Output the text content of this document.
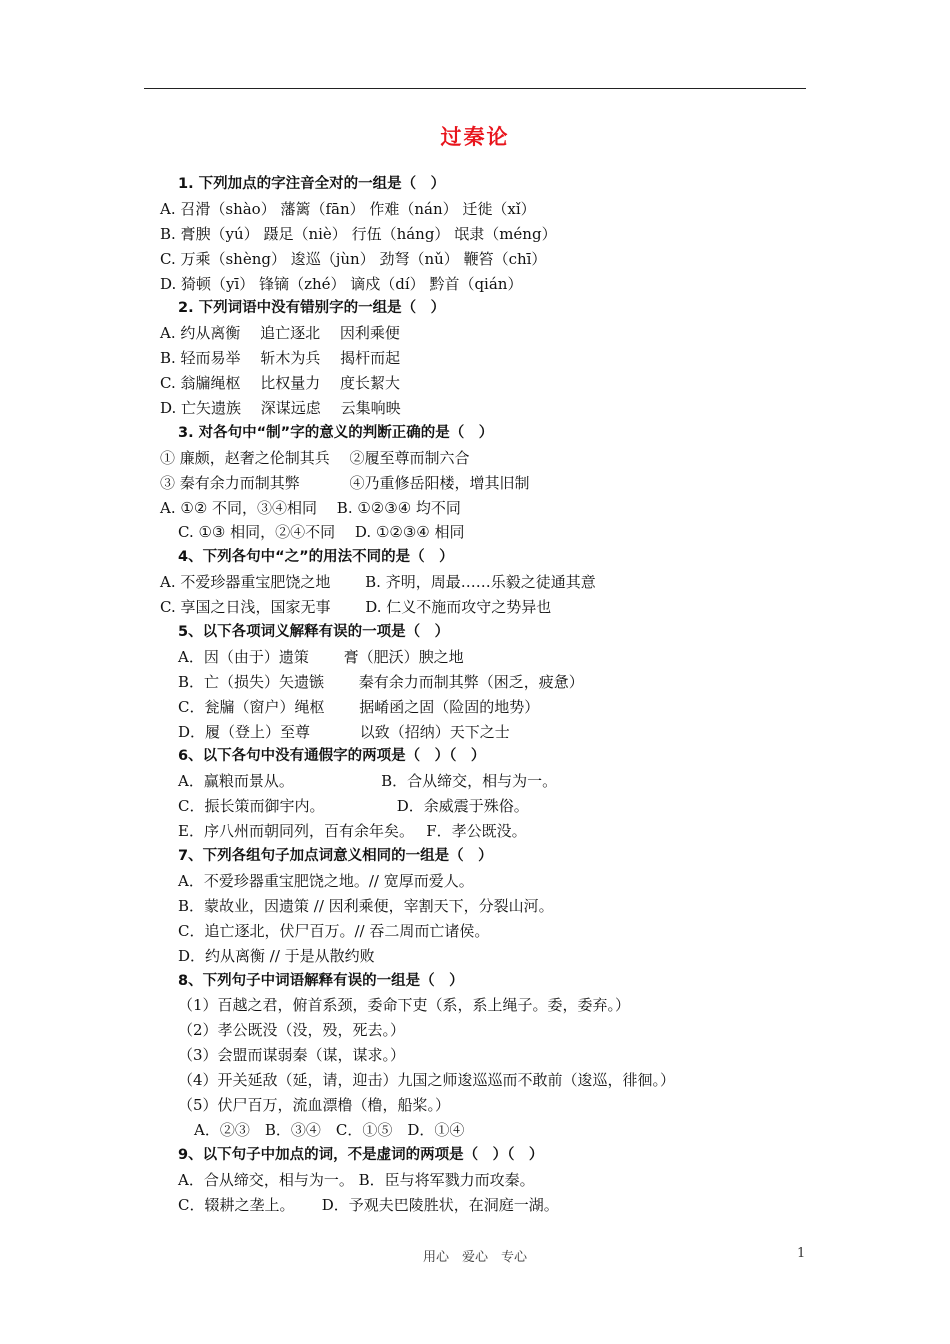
过秦论
1. 下列加点的字注音全对的一组是（　）
A. 召滑（shào） 藩篱（fān） 作难（nán） 迁徙（xǐ）
B. 膏腴（yú） 蹑足（niè） 行伍（háng） 氓隶（méng）
C. 万乘（shèng） 逡巡（jùn） 劲弩（nǔ） 鞭笞（chī）
D. 猗顿（yī） 锋镝（zhé） 谪戍（dí） 黔首（qián）
2. 下列词语中没有错别字的一组是（　）
A. 约从离衡　 追亡逐北　 因利乘便
B. 轻而易举　 斩木为兵　 揭杆而起
C. 翁牖绳枢　 比权量力　 度长絜大
D. 亡矢遗族　 深谋远虑　 云集响映
3. 对各句中“制”字的意义的判断正确的是（　）
① 廉颇，赵奢之伦制其兵　 ②履至尊而制六合
③ 秦有余力而制其弊　　　 ④乃重修岳阳楼，增其旧制
A. ①② 不同，③④相同　 B. ①②③④ 均不同
C. ①③ 相同，②④不同　 D. ①②③④ 相同
4、下列各句中“之”的用法不同的是（　）
A. 不爱珍器重宝肥饶之地　　 B. 齐明，周最……乐毅之徒通其意
C. 享国之日浅，国家无事　　 D. 仁义不施而攻守之势异也
5、以下各项词义解释有误的一项是（　）
A．因（由于）遗策　　 膏（肥沃）腴之地
B．亡（损失）矢遗镞　　 秦有余力而制其弊（困乏，疲惫）
C．瓮牖（窗户）绳枢　　 据崤函之固（险固的地势）
D．履（登上）至尊　　　 以致（招纳）天下之士
6、以下各句中没有通假字的两项是（　）（　）
A．赢粮而景从。　　　　　　 B．合从缔交，相与为一。
C．振长策而御宇内。　　　　　 D．余威震于殊俗。
E．序八州而朝同列，百有余年矣。　 F．孝公既没。
7、下列各组句子加点词意义相同的一组是（　）
A．不爱珍器重宝肥饶之地。// 宽厚而爱人。
B．蒙故业，因遗策 // 因利乘便，宰割天下，分裂山河。
C．追亡逐北，伏尸百万。// 吞二周而亡诸侯。
D．约从离衡 // 于是从散约败
8、下列句子中词语解释有误的一组是（　）
（1）百越之君，俯首系颈，委命下吏（系，系上绳子。委，委弃。）
（2）孝公既没（没，殁，死去。）
（3）会盟而谋弱秦（谋，谋求。）
（4）开关延敌（延，请，迎击）九国之师逡巡巡而不敢前（逡巡，徘徊。）
（5）伏尸百万，流血漂橹（橹，船桨。）
A．②③　B．③④　C．①⑤　D．①④
9、以下句子中加点的词，不是虚词的两项是（　）（　）
A．合从缔交，相与为一。 B．臣与将军戮力而攻秦。
C．辍耕之垄上。　　 D．予观夫巴陵胜状，在洞庭一湖。
用心　爱心　专心	1
